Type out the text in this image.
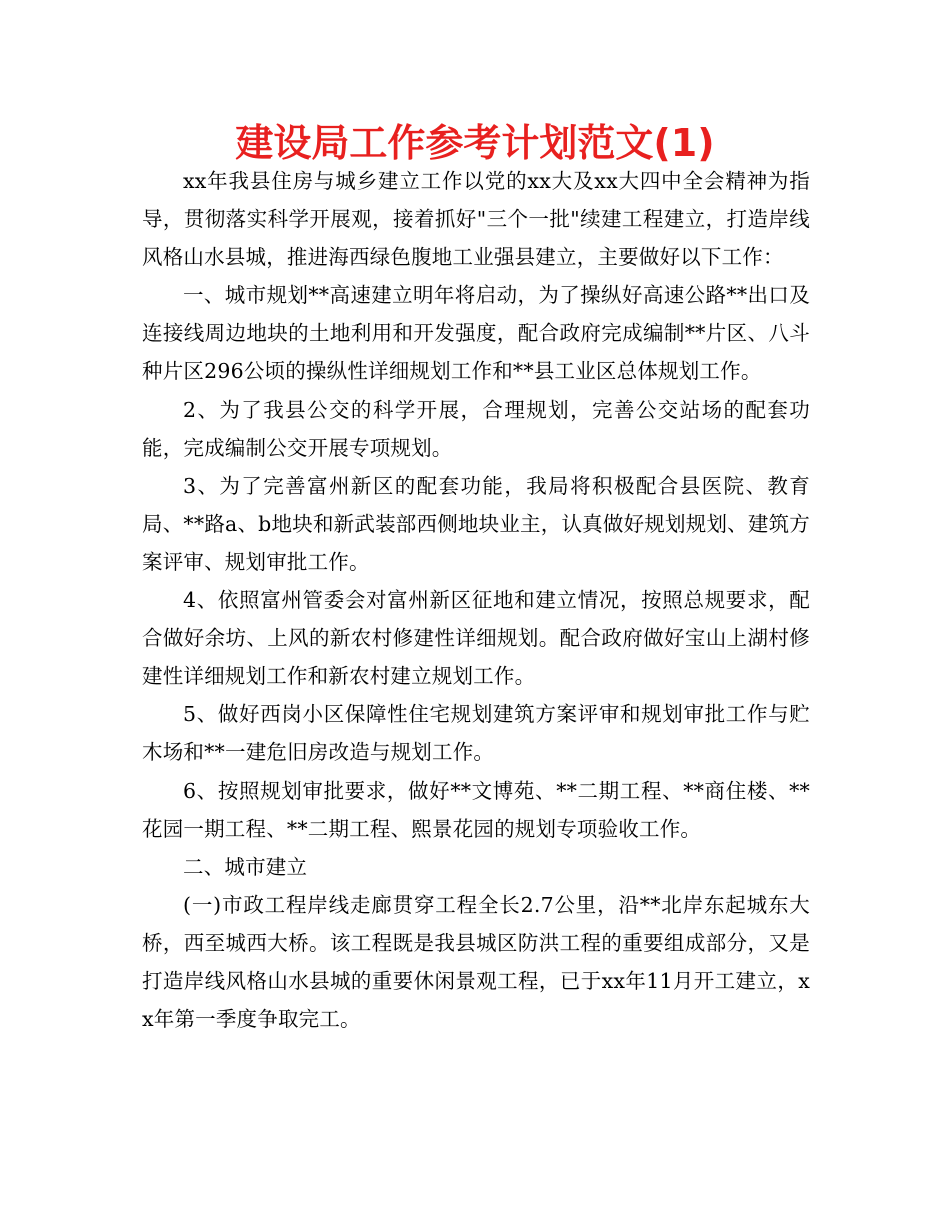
建设局工作参考计划范文(1)

xx年我县住房与城乡建立工作以党的xx大及xx大四中全会精神为指导，贯彻落实科学开展观，接着抓好"三个一批"续建工程建立，打造岸线风格山水县城，推进海西绿色腹地工业强县建立，主要做好以下工作：

一、城市规划**高速建立明年将启动，为了操纵好高速公路**出口及连接线周边地块的土地利用和开发强度，配合政府完成编制**片区、八斗种片区296公顷的操纵性详细规划工作和**县工业区总体规划工作。

2、为了我县公交的科学开展，合理规划，完善公交站场的配套功能，完成编制公交开展专项规划。

3、为了完善富州新区的配套功能，我局将积极配合县医院、教育局、**路a、b地块和新武装部西侧地块业主，认真做好规划规划、建筑方案评审、规划审批工作。

4、依照富州管委会对富州新区征地和建立情况，按照总规要求，配合做好余坊、上风的新农村修建性详细规划。配合政府做好宝山上湖村修建性详细规划工作和新农村建立规划工作。

5、做好西岗小区保障性住宅规划建筑方案评审和规划审批工作与贮木场和**一建危旧房改造与规划工作。

6、按照规划审批要求，做好**文博苑、**二期工程、**商住楼、**花园一期工程、**二期工程、熙景花园的规划专项验收工作。

二、城市建立

(一)市政工程岸线走廊贯穿工程全长2.7公里，沿**北岸东起城东大桥，西至城西大桥。该工程既是我县城区防洪工程的重要组成部分，又是打造岸线风格山水县城的重要休闲景观工程，已于xx年11月开工建立，xx年第一季度争取完工。
